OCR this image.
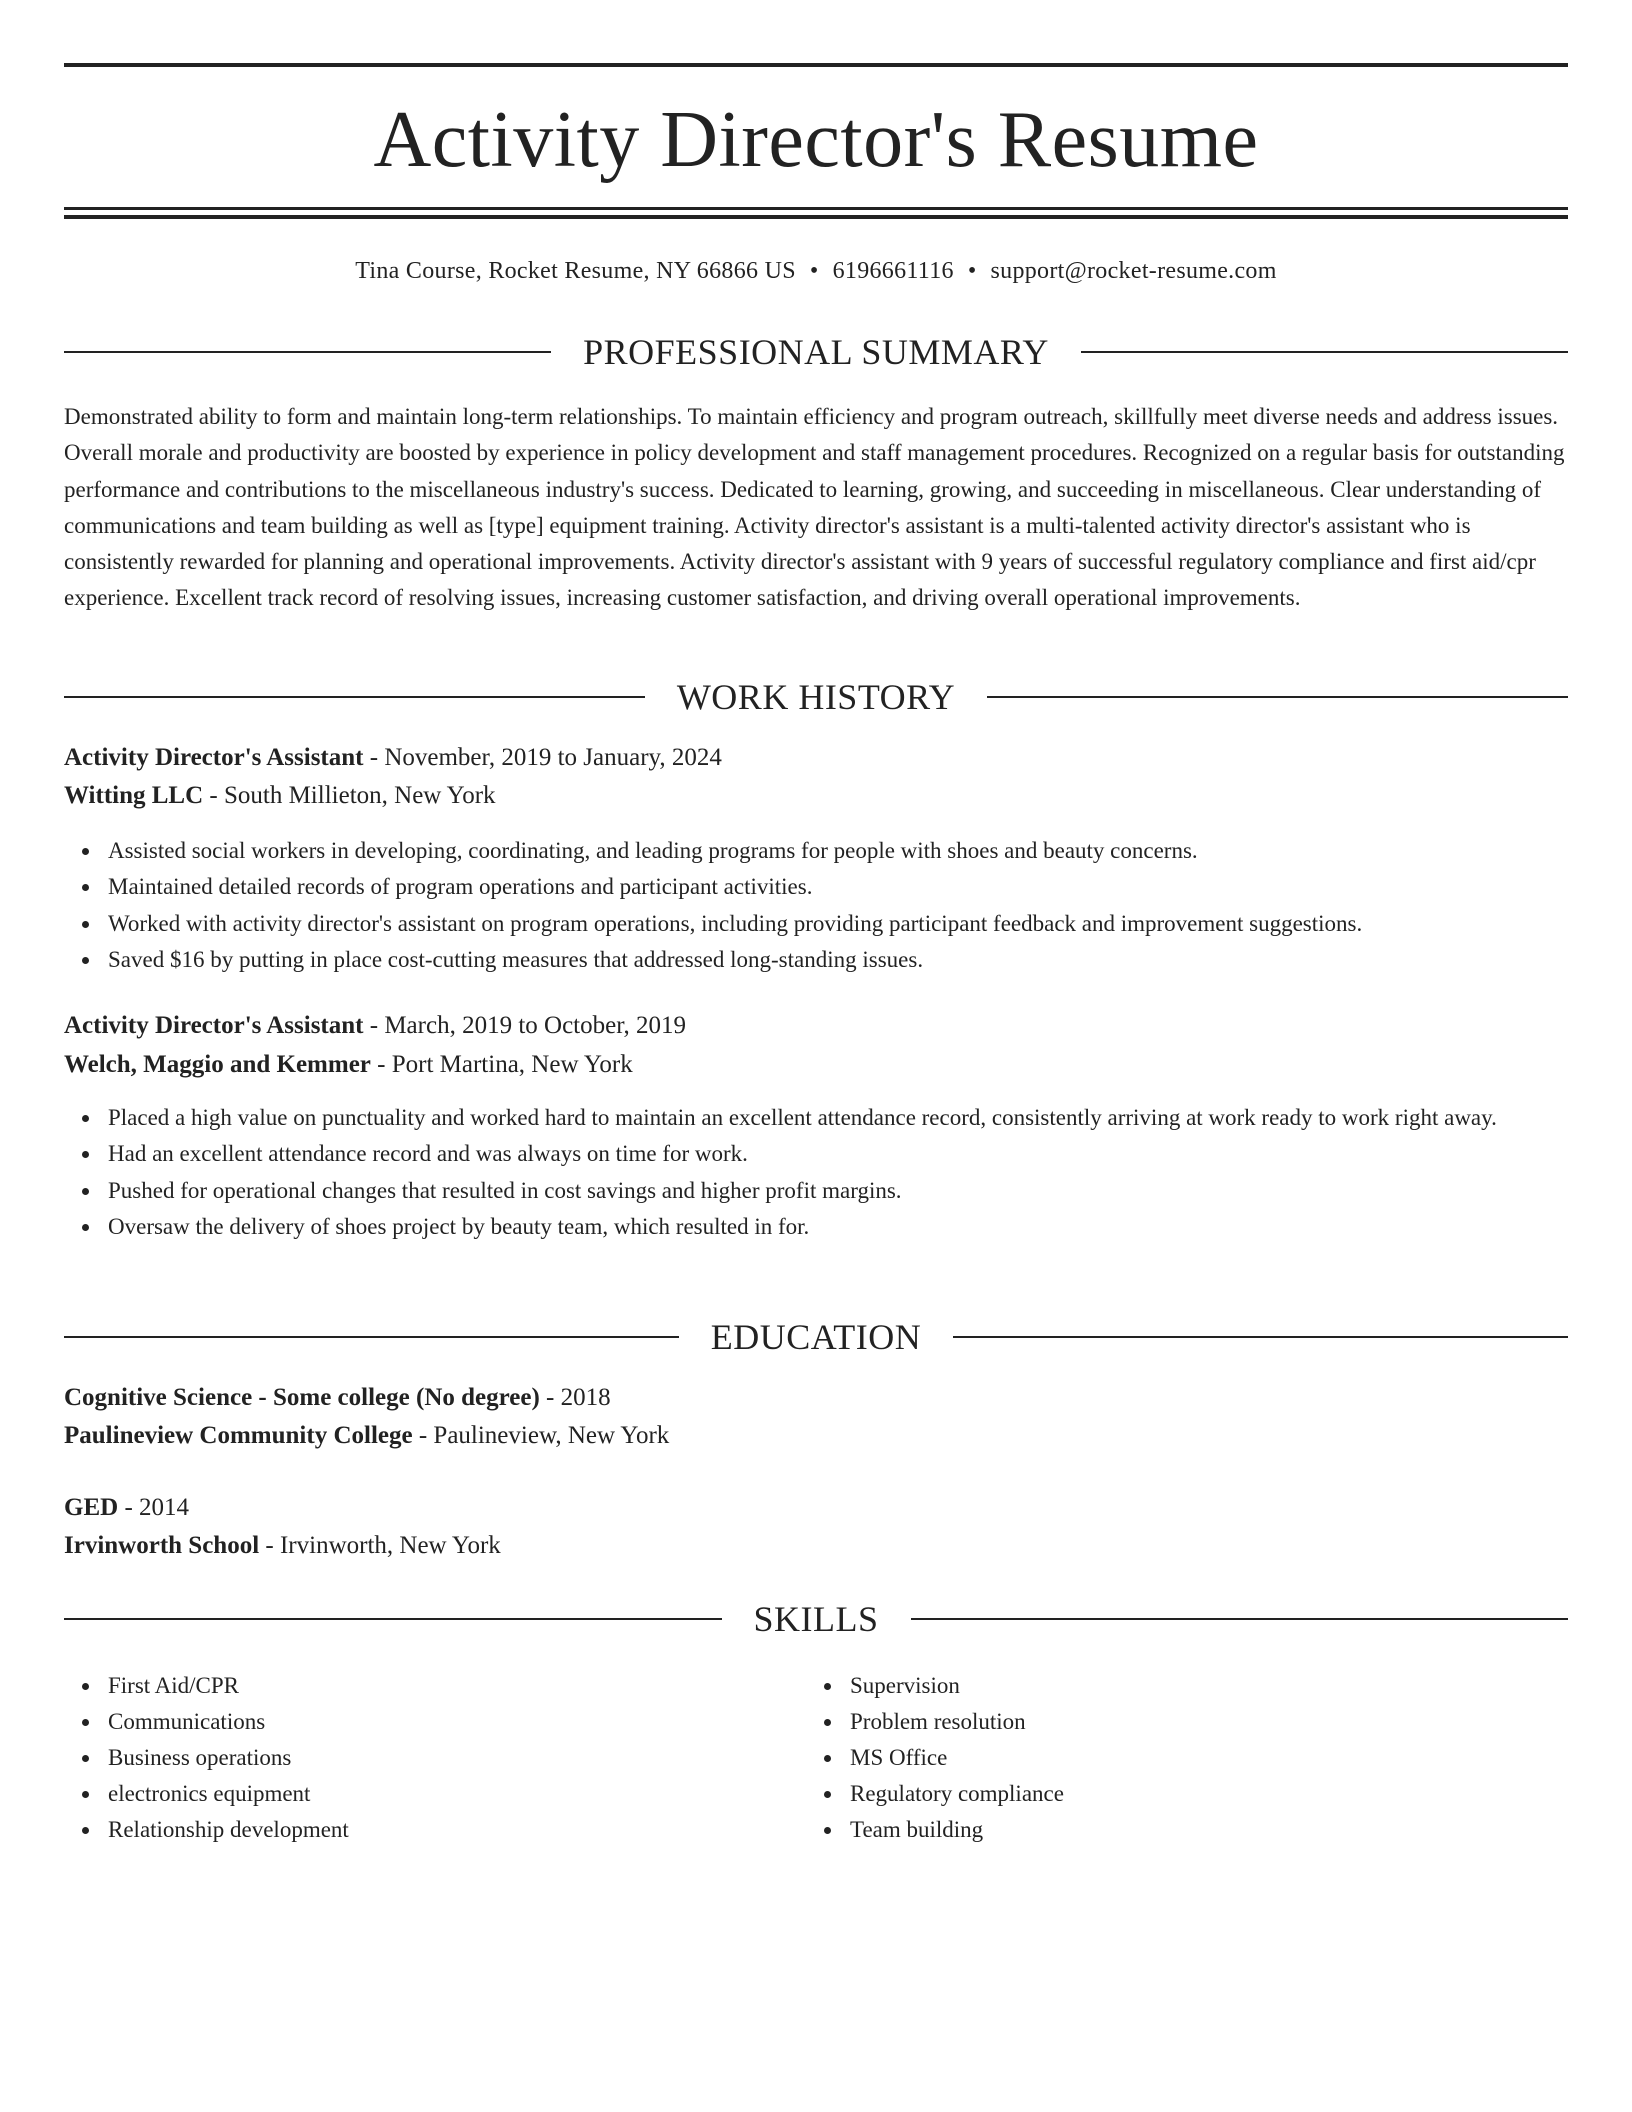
Activity Director's Resume
Tina Course, Rocket Resume, NY 66866 US • 6196661116 • support@rocket-resume.com
PROFESSIONAL SUMMARY

Demonstrated ability to form and maintain long-term relationships. To maintain efficiency and program outreach, skillfully meet diverse needs and address issues. Overall morale and productivity are boosted by experience in policy development and staff management procedures. Recognized on a regular basis for outstanding performance and contributions to the miscellaneous industry's success. Dedicated to learning, growing, and succeeding in miscellaneous. Clear understanding of communications and team building as well as [type] equipment training. Activity director's assistant is a multi-talented activity director's assistant who is consistently rewarded for planning and operational improvements. Activity director's assistant with 9 years of successful regulatory compliance and first aid/cpr experience. Excellent track record of resolving issues, increasing customer satisfaction, and driving overall operational improvements.

WORK HISTORY
Activity Director's Assistant - November, 2019 to January, 2024
Witting LLC - South Millieton, New York
Assisted social workers in developing, coordinating, and leading programs for people with shoes and beauty concerns.
Maintained detailed records of program operations and participant activities.
Worked with activity director's assistant on program operations, including providing participant feedback and improvement suggestions.
Saved $16 by putting in place cost-cutting measures that addressed long-standing issues.
Activity Director's Assistant - March, 2019 to October, 2019
Welch, Maggio and Kemmer - Port Martina, New York
Placed a high value on punctuality and worked hard to maintain an excellent attendance record, consistently arriving at work ready to work right away.
Had an excellent attendance record and was always on time for work.
Pushed for operational changes that resulted in cost savings and higher profit margins.
Oversaw the delivery of shoes project by beauty team, which resulted in for.
EDUCATION
Cognitive Science - Some college (No degree) - 2018
Paulineview Community College - Paulineview, New York
GED - 2014
Irvinworth School - Irvinworth, New York
SKILLS
First Aid/CPR
Communications
Business operations
electronics equipment
Relationship development
Supervision
Problem resolution
MS Office
Regulatory compliance
Team building
